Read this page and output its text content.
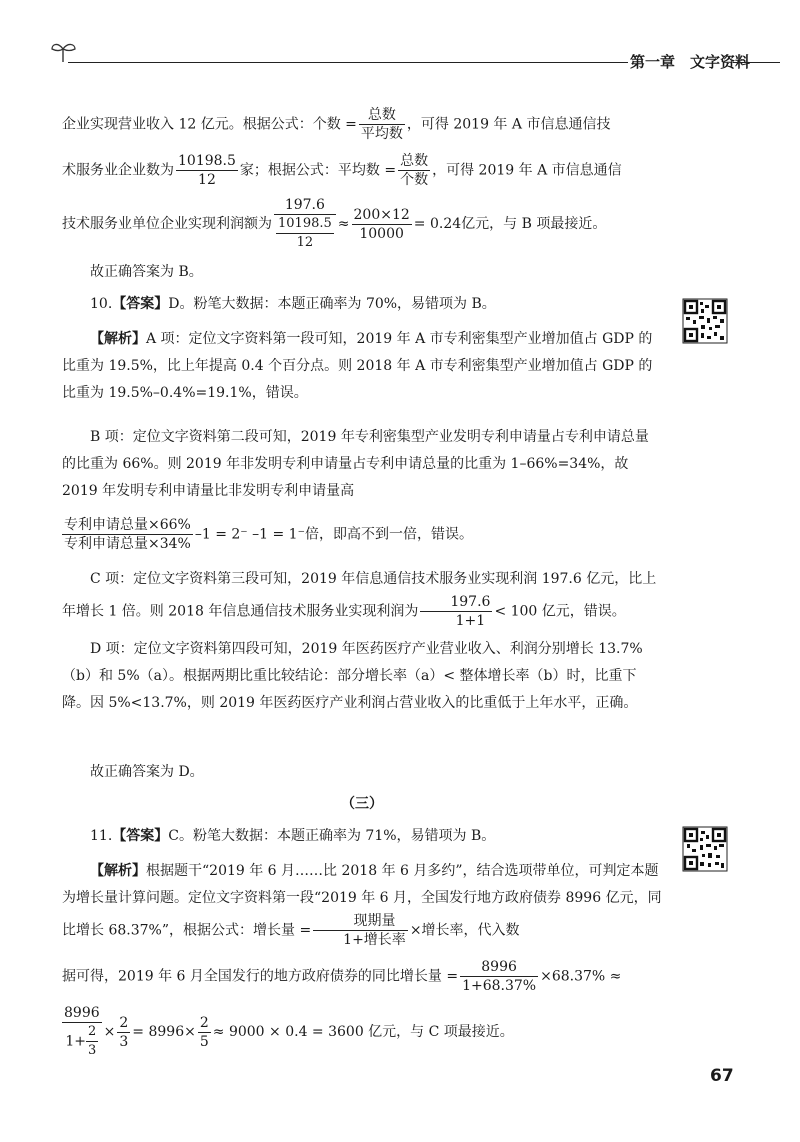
第一章　文字资料
企业实现营业收入 12 亿元。根据公式：个数 = $\frac{\text{总数}}{\text{平均数}}$ ，可得 2019 年 A 市信息通信技
术服务业企业数为 $\frac{10198.5}{12}$ 家；根据公式：平均数 = $\frac{\text{总数}}{\text{个数}}$ ，可得 2019 年 A 市信息通信
技术服务业单位企业实现利润额为 $\frac{197.6}{\frac{10198.5}{12}} \approx \frac{200\times 12}{10000} = 0.24$亿元，与 B 项最接近。
故正确答案为 B。
10.【答案】D。粉笔大数据：本题正确率为 70%，易错项为 B。

【解析】A 项：定位文字资料第一段可知，2019 年 A 市专利密集型产业增加值占 GDP 的比重为 19.5%，比上年提高 0.4 个百分点。则 2018 年 A 市专利密集型产业增加值占 GDP 的比重为 19.5%–0.4%=19.1%，错误。

B 项：定位文字资料第二段可知，2019 年专利密集型产业发明专利申请量占专利申请总量的比重为 66%。则 2019 年非发明专利申请量占专利申请总量的比重为 1–66%=34%，故 2019 年发明专利申请量比非发明专利申请量高
$\frac{\text{专利申请总量×66\%}}{\text{专利申请总量×34\%}} -1 = 2^-$ –1 = 1⁻倍，即高不到一倍，错误。
C 项：定位文字资料第三段可知，2019 年信息通信技术服务业实现利润 197.6 亿元，比上年增长 1 倍。则 2018 年信息通信技术服务业实现利润为 $\frac{197.6}{1+1} < 100$ 亿元，错误。
D 项：定位文字资料第四段可知，2019 年医药医疗产业营业收入、利润分别增长 13.7%（b）和 5%（a）。根据两期比重比较结论：部分增长率（a）< 整体增长率（b）时，比重下降。因 5%<13.7%，则 2019 年医药医疗产业利润占营业收入的比重低于上年水平，正确。
故正确答案为 D。
（三）
11.【答案】C。粉笔大数据：本题正确率为 71%，易错项为 B。

【解析】根据题干“2019 年 6 月……比 2018 年 6 月多约”，结合选项带单位，可判定本题为增长量计算问题。定位文字资料第一段“2019 年 6 月，全国发行地方政府债券 8996 亿元，同比增长 68.37%”，根据公式：增长量 = $\frac{\text{现期量}}{\text{1+增长率}}$ ×增长率，代入数

据可得，2019 年 6 月全国发行的地方政府债券的同比增长量 = $\frac{8996}{1+68.37\%} \times 68.37\%$ ≈
$\frac{8996}{1+ \frac{2}{3}} \times \frac{2}{3} = 8996\times \frac{2}{5} \approx 9000 \times 0.4 = 3600$ 亿元，与 C 项最接近。
67
